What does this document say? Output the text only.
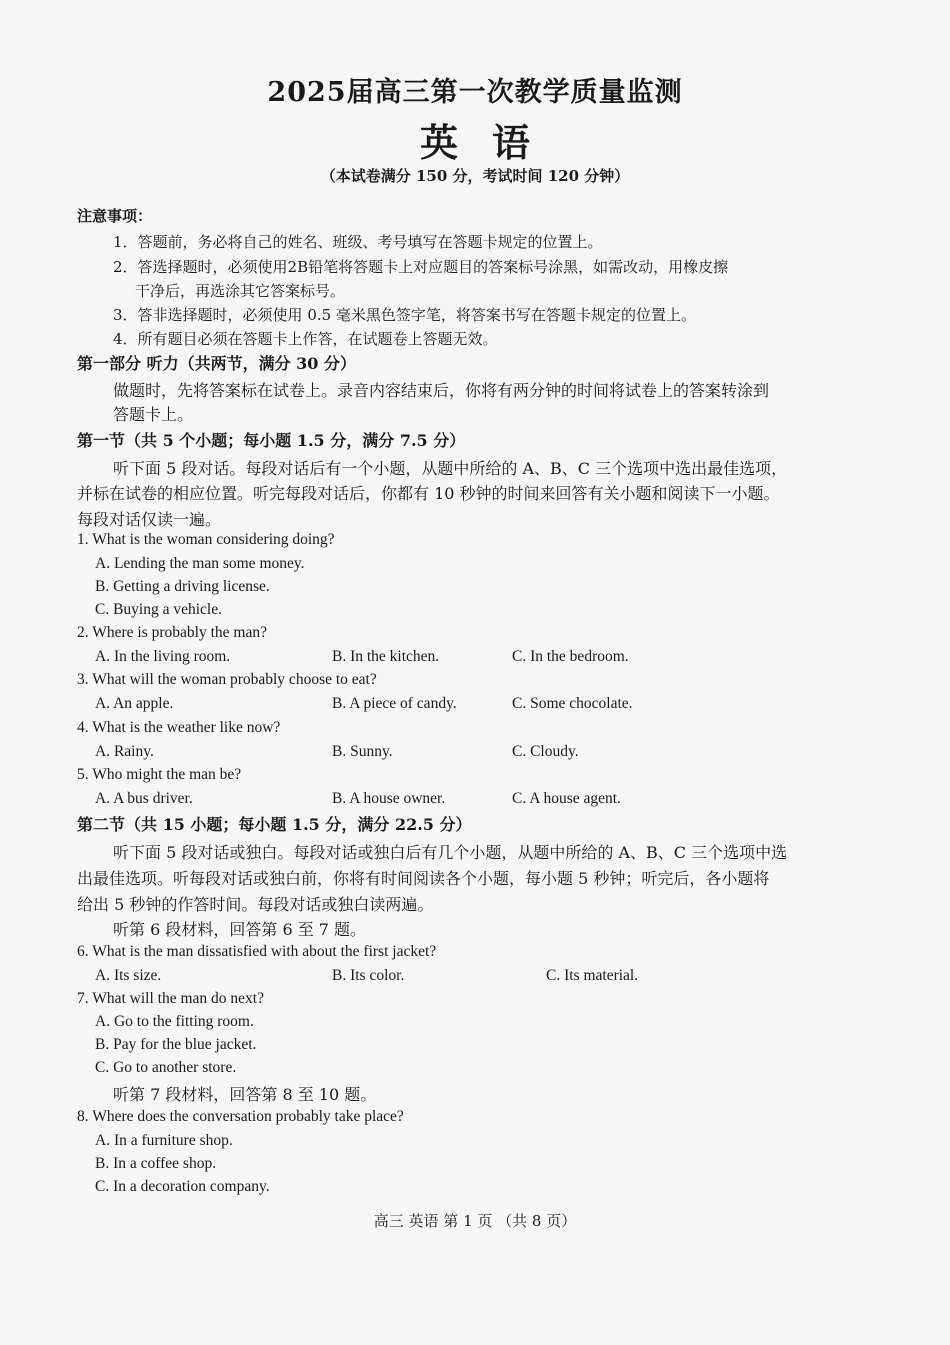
2025届高三第一次教学质量监测
英语
（本试卷满分 150 分，考试时间 120 分钟）
注意事项：
1．答题前，务必将自己的姓名、班级、考号填写在答题卡规定的位置上。
2．答选择题时，必须使用2B铅笔将答题卡上对应题目的答案标号涂黑，如需改动，用橡皮擦
干净后，再选涂其它答案标号。
3．答非选择题时，必须使用 0.5 毫米黑色签字笔，将答案书写在答题卡规定的位置上。
4．所有题目必须在答题卡上作答，在试题卷上答题无效。
第一部分 听力（共两节，满分 30 分）
做题时，先将答案标在试卷上。录音内容结束后，你将有两分钟的时间将试卷上的答案转涂到
答题卡上。
第一节（共 5 个小题；每小题 1.5 分，满分 7.5 分）
听下面 5 段对话。每段对话后有一个小题，从题中所给的 A、B、C 三个选项中选出最佳选项，
并标在试卷的相应位置。听完每段对话后，你都有 10 秒钟的时间来回答有关小题和阅读下一小题。
每段对话仅读一遍。
1. What is the woman considering doing?
A. Lending the man some money.
B. Getting a driving license.
C. Buying a vehicle.
2. Where is probably the man?
A. In the living room.	B. In the kitchen.	C. In the bedroom.
3. What will the woman probably choose to eat?
A. An apple.	B. A piece of candy.	C. Some chocolate.
4. What is the weather like now?
A. Rainy.	B. Sunny.	C. Cloudy.
5. Who might the man be?
A. A bus driver.	B. A house owner.	C. A house agent.
第二节（共 15 小题；每小题 1.5 分，满分 22.5 分）
听下面 5 段对话或独白。每段对话或独白后有几个小题，从题中所给的 A、B、C 三个选项中选
出最佳选项。听每段对话或独白前，你将有时间阅读各个小题，每小题 5 秒钟；听完后，各小题将
给出 5 秒钟的作答时间。每段对话或独白读两遍。
听第 6 段材料，回答第 6 至 7 题。
6. What is the man dissatisfied with about the first jacket?
A. Its size.	B. Its color.	C. Its material.
7. What will the man do next?
A. Go to the fitting room.
B. Pay for the blue jacket.
C. Go to another store.
听第 7 段材料，回答第 8 至 10 题。
8. Where does the conversation probably take place?
A. In a furniture shop.
B. In a coffee shop.
C. In a decoration company.
高三 英语 第 1 页 （共 8 页）
